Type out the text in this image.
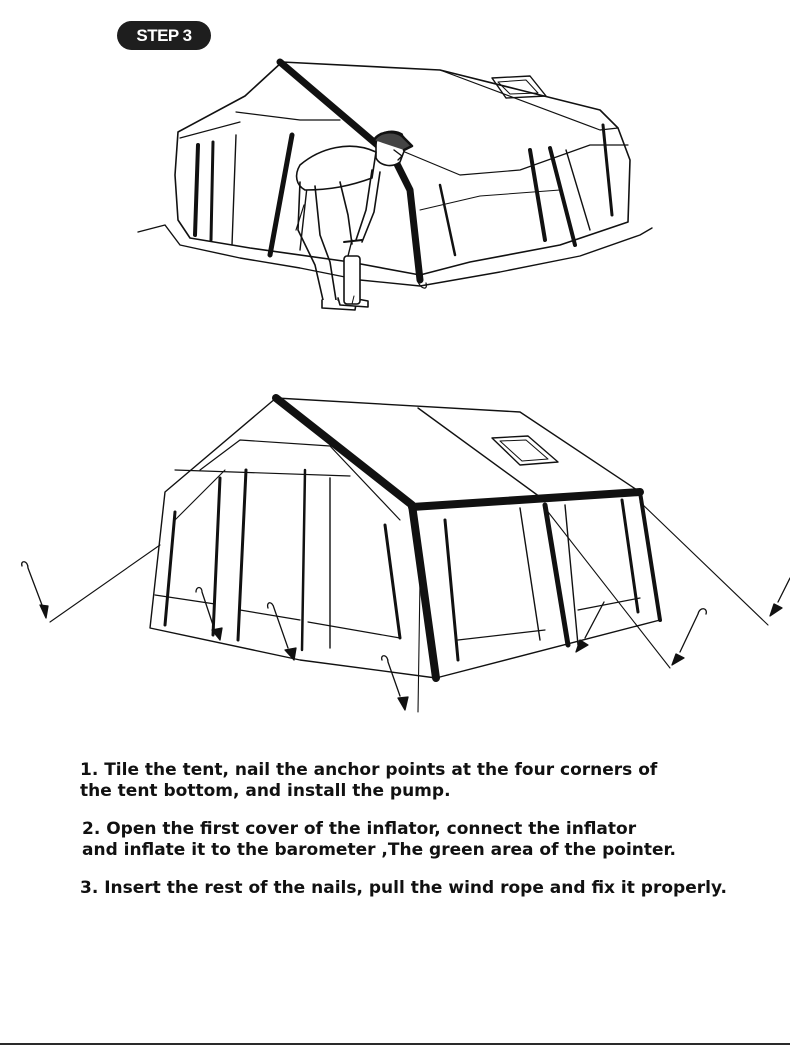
STEP 3

1. Tile the tent, nail the anchor points at the four corners of
the tent bottom, and install the pump.

2. Open the first cover of the inflator, connect the inflator
and inflate it to the barometer ,The green area of the pointer.

3. Insert the rest of the nails, pull the wind rope and fix it properly.
